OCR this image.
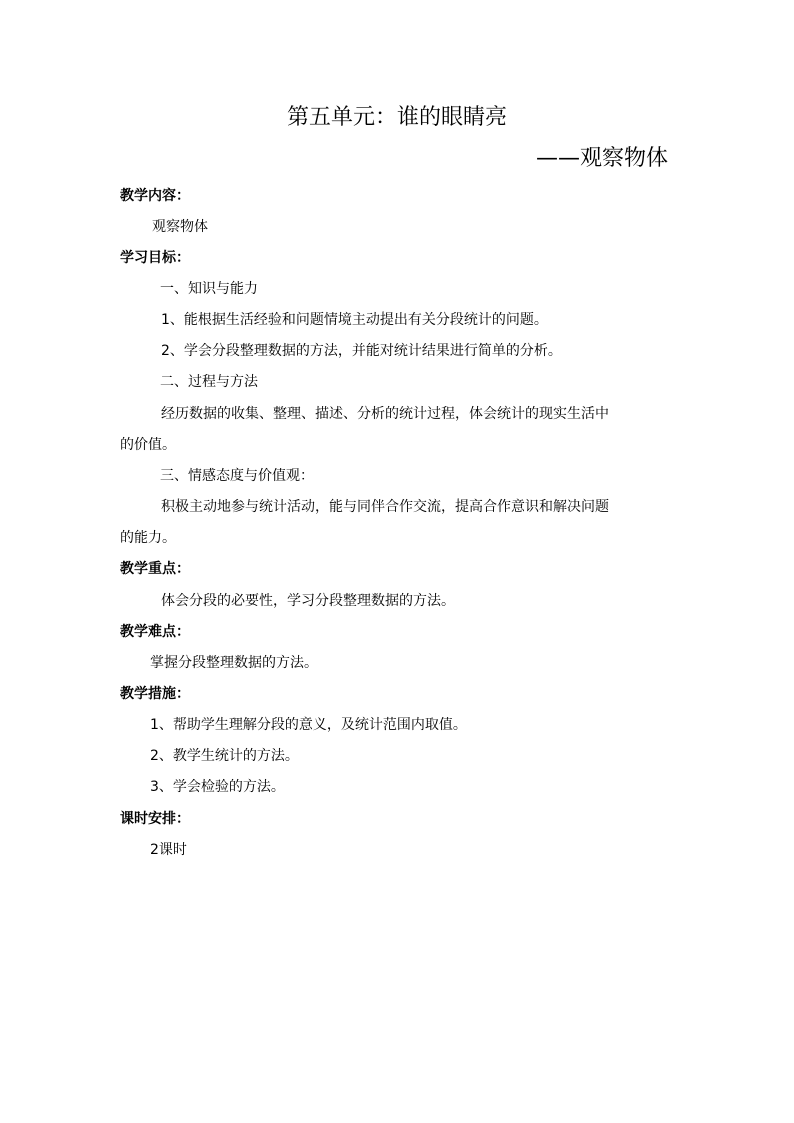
第五单元：谁的眼睛亮
——观察物体
教学内容：
观察物体
学习目标：
一、知识与能力
1、能根据生活经验和问题情境主动提出有关分段统计的问题。
2、学会分段整理数据的方法，并能对统计结果进行简单的分析。
二、过程与方法
经历数据的收集、整理、描述、分析的统计过程，体会统计的现实生活中
的价值。
三、情感态度与价值观：
积极主动地参与统计活动，能与同伴合作交流，提高合作意识和解决问题
的能力。
教学重点：
体会分段的必要性，学习分段整理数据的方法。
教学难点：
掌握分段整理数据的方法。
教学措施：
1、帮助学生理解分段的意义，及统计范围内取值。
2、教学生统计的方法。
3、学会检验的方法。
课时安排：
2课时
